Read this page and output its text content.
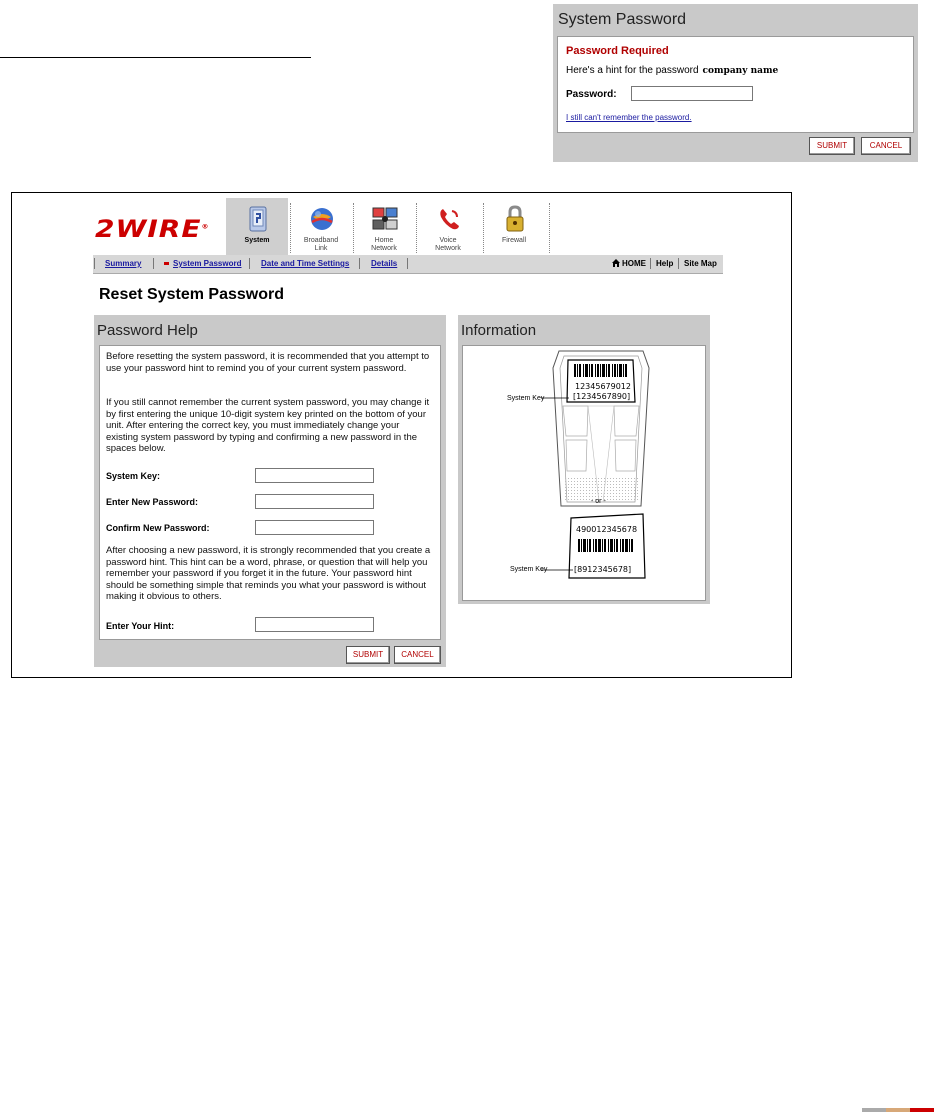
System Password
Password Required
Here's a hint for the password company name
Password:
I still can't remember the password.
SUBMIT	CANCEL
2WIRE®
System	Broadband Link
Home Network
Voice Network
Firewall
Summary	System Password Date and Time Settings	Details	HOME Help Site Map
Reset System Password
Password Help

Before resetting the system password, it is recommended that you attempt to use your password hint to remind you of your current system password.

If you still cannot remember the current system password, you may change it by first entering the unique 10-digit system key printed on the bottom of your unit. After entering the correct key, you must immediately change your existing system password by typing and confirming a new password in the spaces below.

System Key:
Enter New Password:
Confirm New Password:

After choosing a new password, it is strongly recommended that you create a password hint. This hint can be a word, phrase, or question that will help you remember your password if you forget it in the future. Your password hint should be something simple that reminds you what your password is without making it obvious to others.

Enter Your Hint:
SUBMIT	CANCEL
Information
System Key
12345679012
[1234567890]
- or -
490012345678
System Key	[8912345678]
